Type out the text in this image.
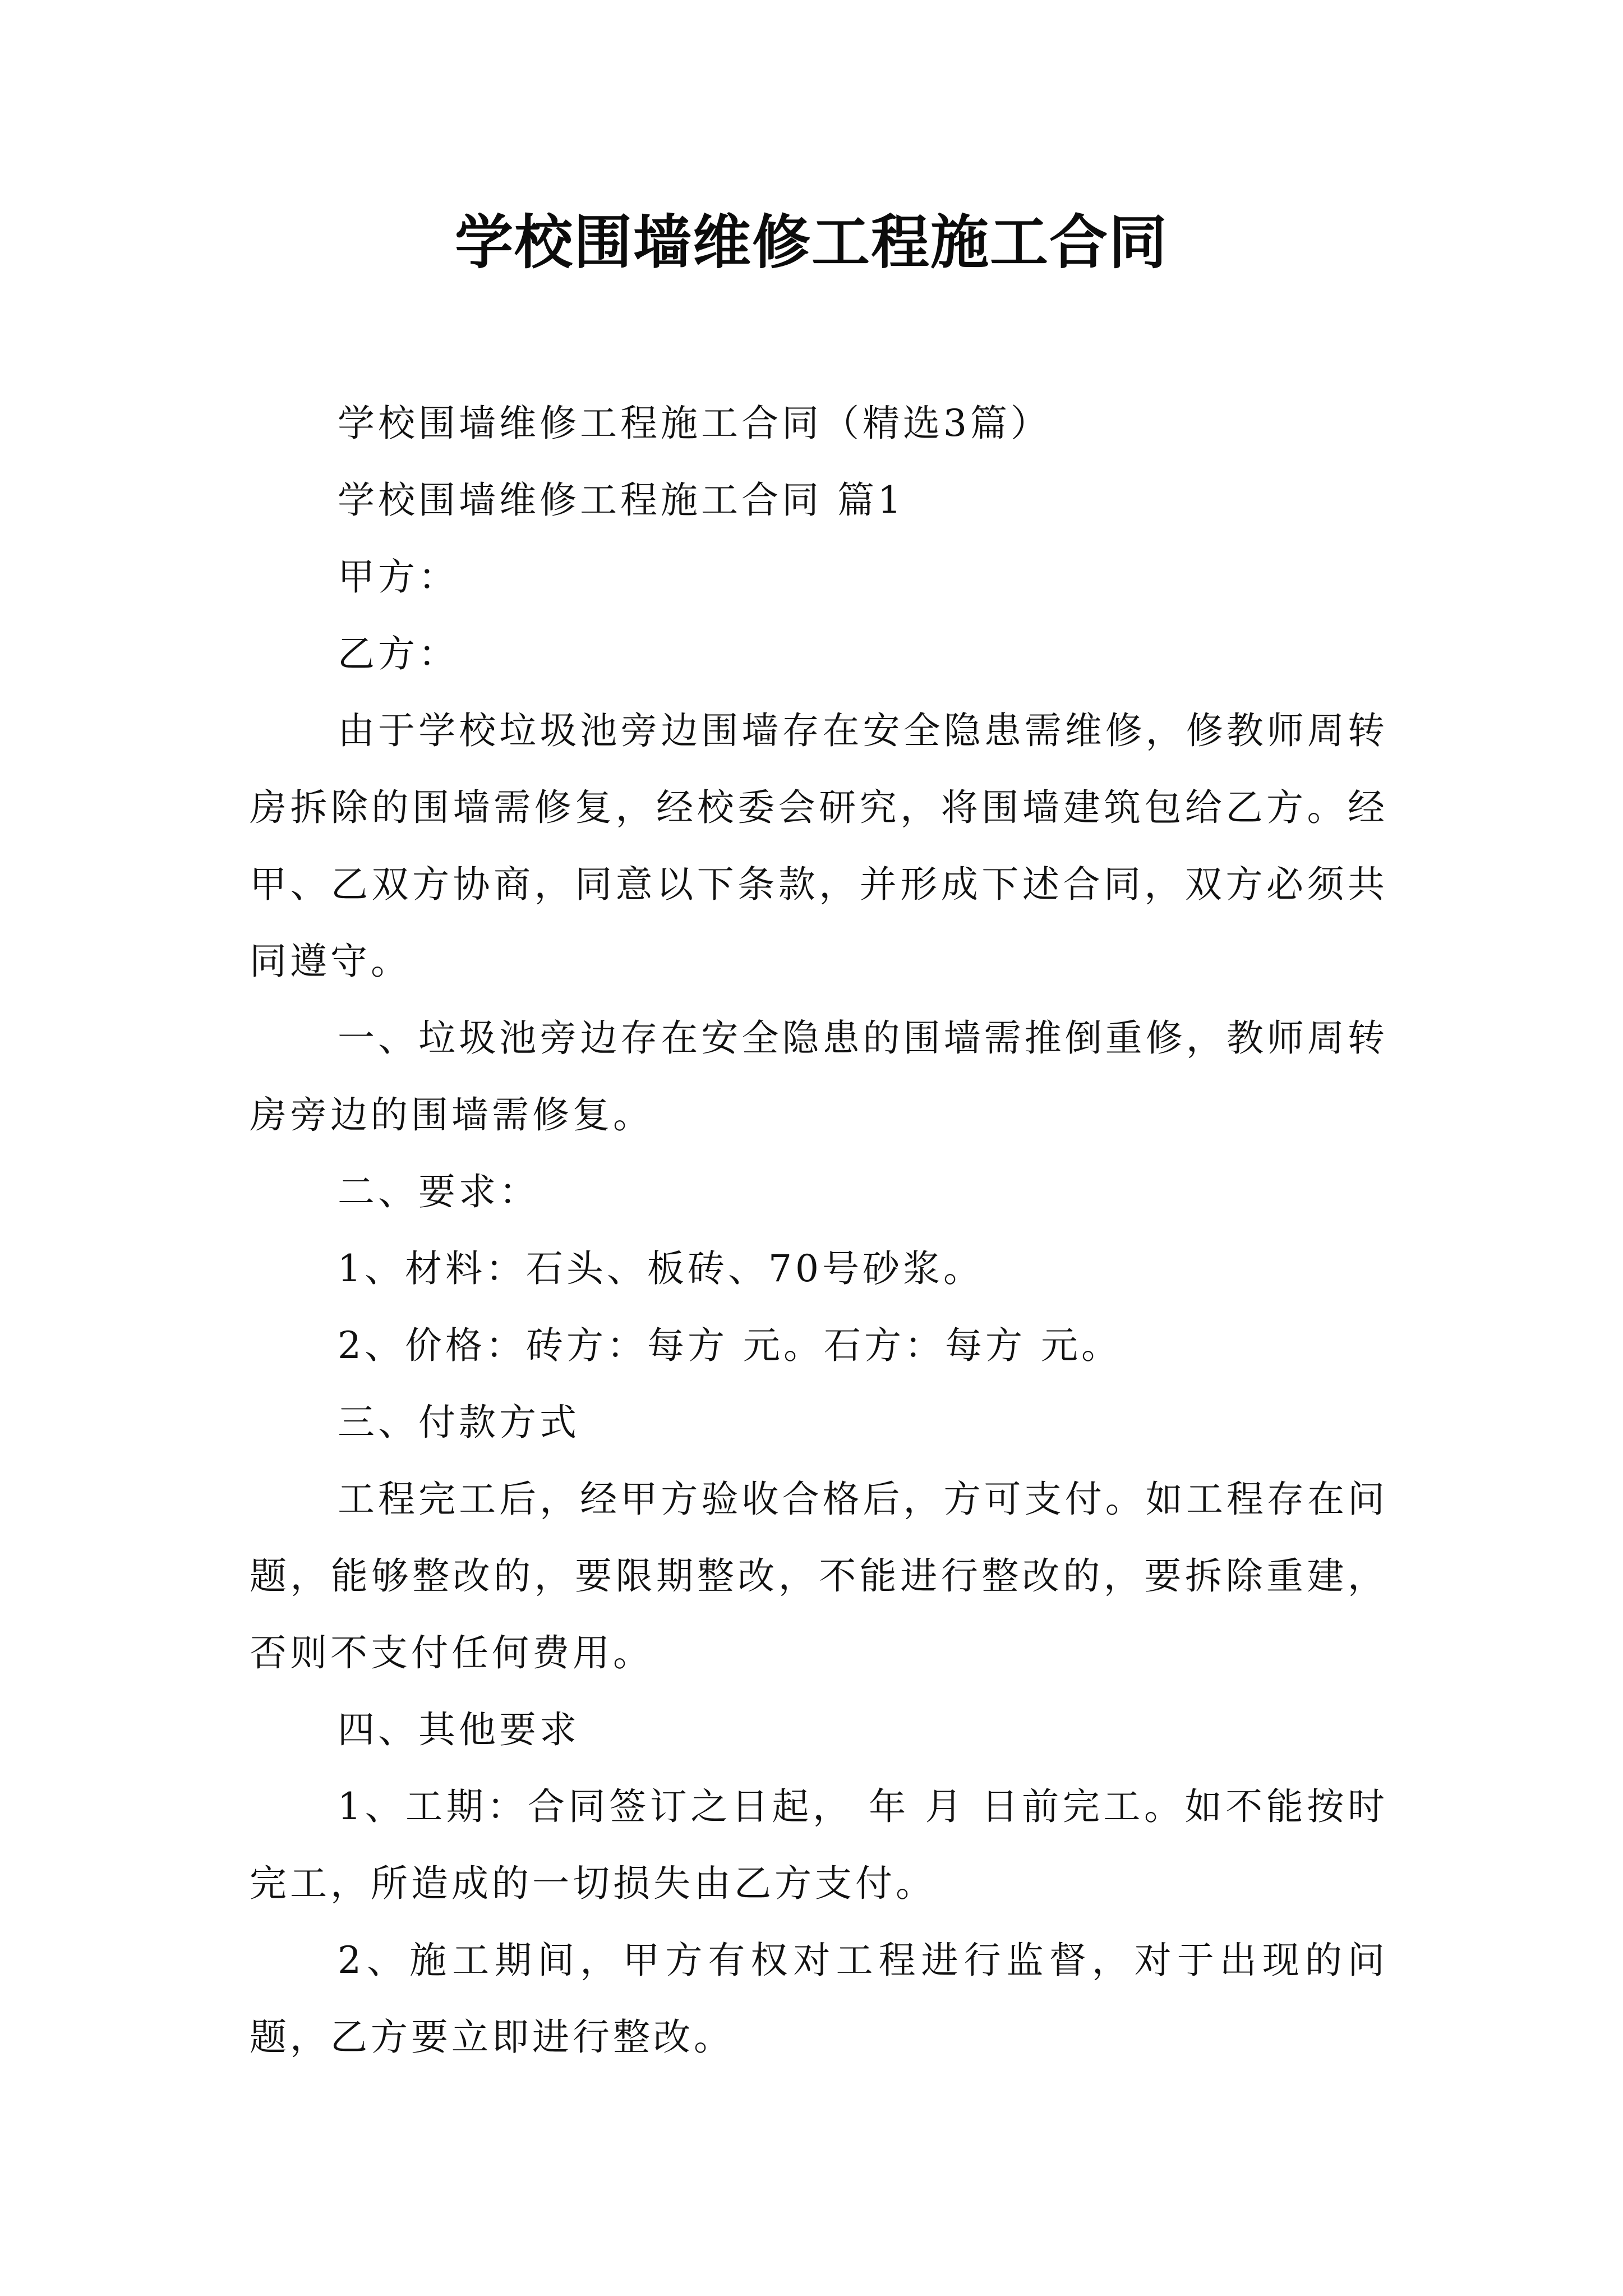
学校围墙维修工程施工合同

学校围墙维修工程施工合同（精选3篇）

学校围墙维修工程施工合同 篇1

甲方：

乙方：

由于学校垃圾池旁边围墙存在安全隐患需维修，修教师周转房拆除的围墙需修复，经校委会研究，将围墙建筑包给乙方。经甲、乙双方协商，同意以下条款，并形成下述合同，双方必须共同遵守。

一、垃圾池旁边存在安全隐患的围墙需推倒重修，教师周转房旁边的围墙需修复。

二、要求：

1、材料：石头、板砖、70号砂浆。

2、价格：砖方：每方 元。石方：每方 元。

三、付款方式

工程完工后，经甲方验收合格后，方可支付。如工程存在问题，能够整改的，要限期整改，不能进行整改的，要拆除重建，否则不支付任何费用。

四、其他要求

1、工期：合同签订之日起， 年 月 日前完工。如不能按时完工，所造成的一切损失由乙方支付。

2、施工期间，甲方有权对工程进行监督，对于出现的问题，乙方要立即进行整改。
